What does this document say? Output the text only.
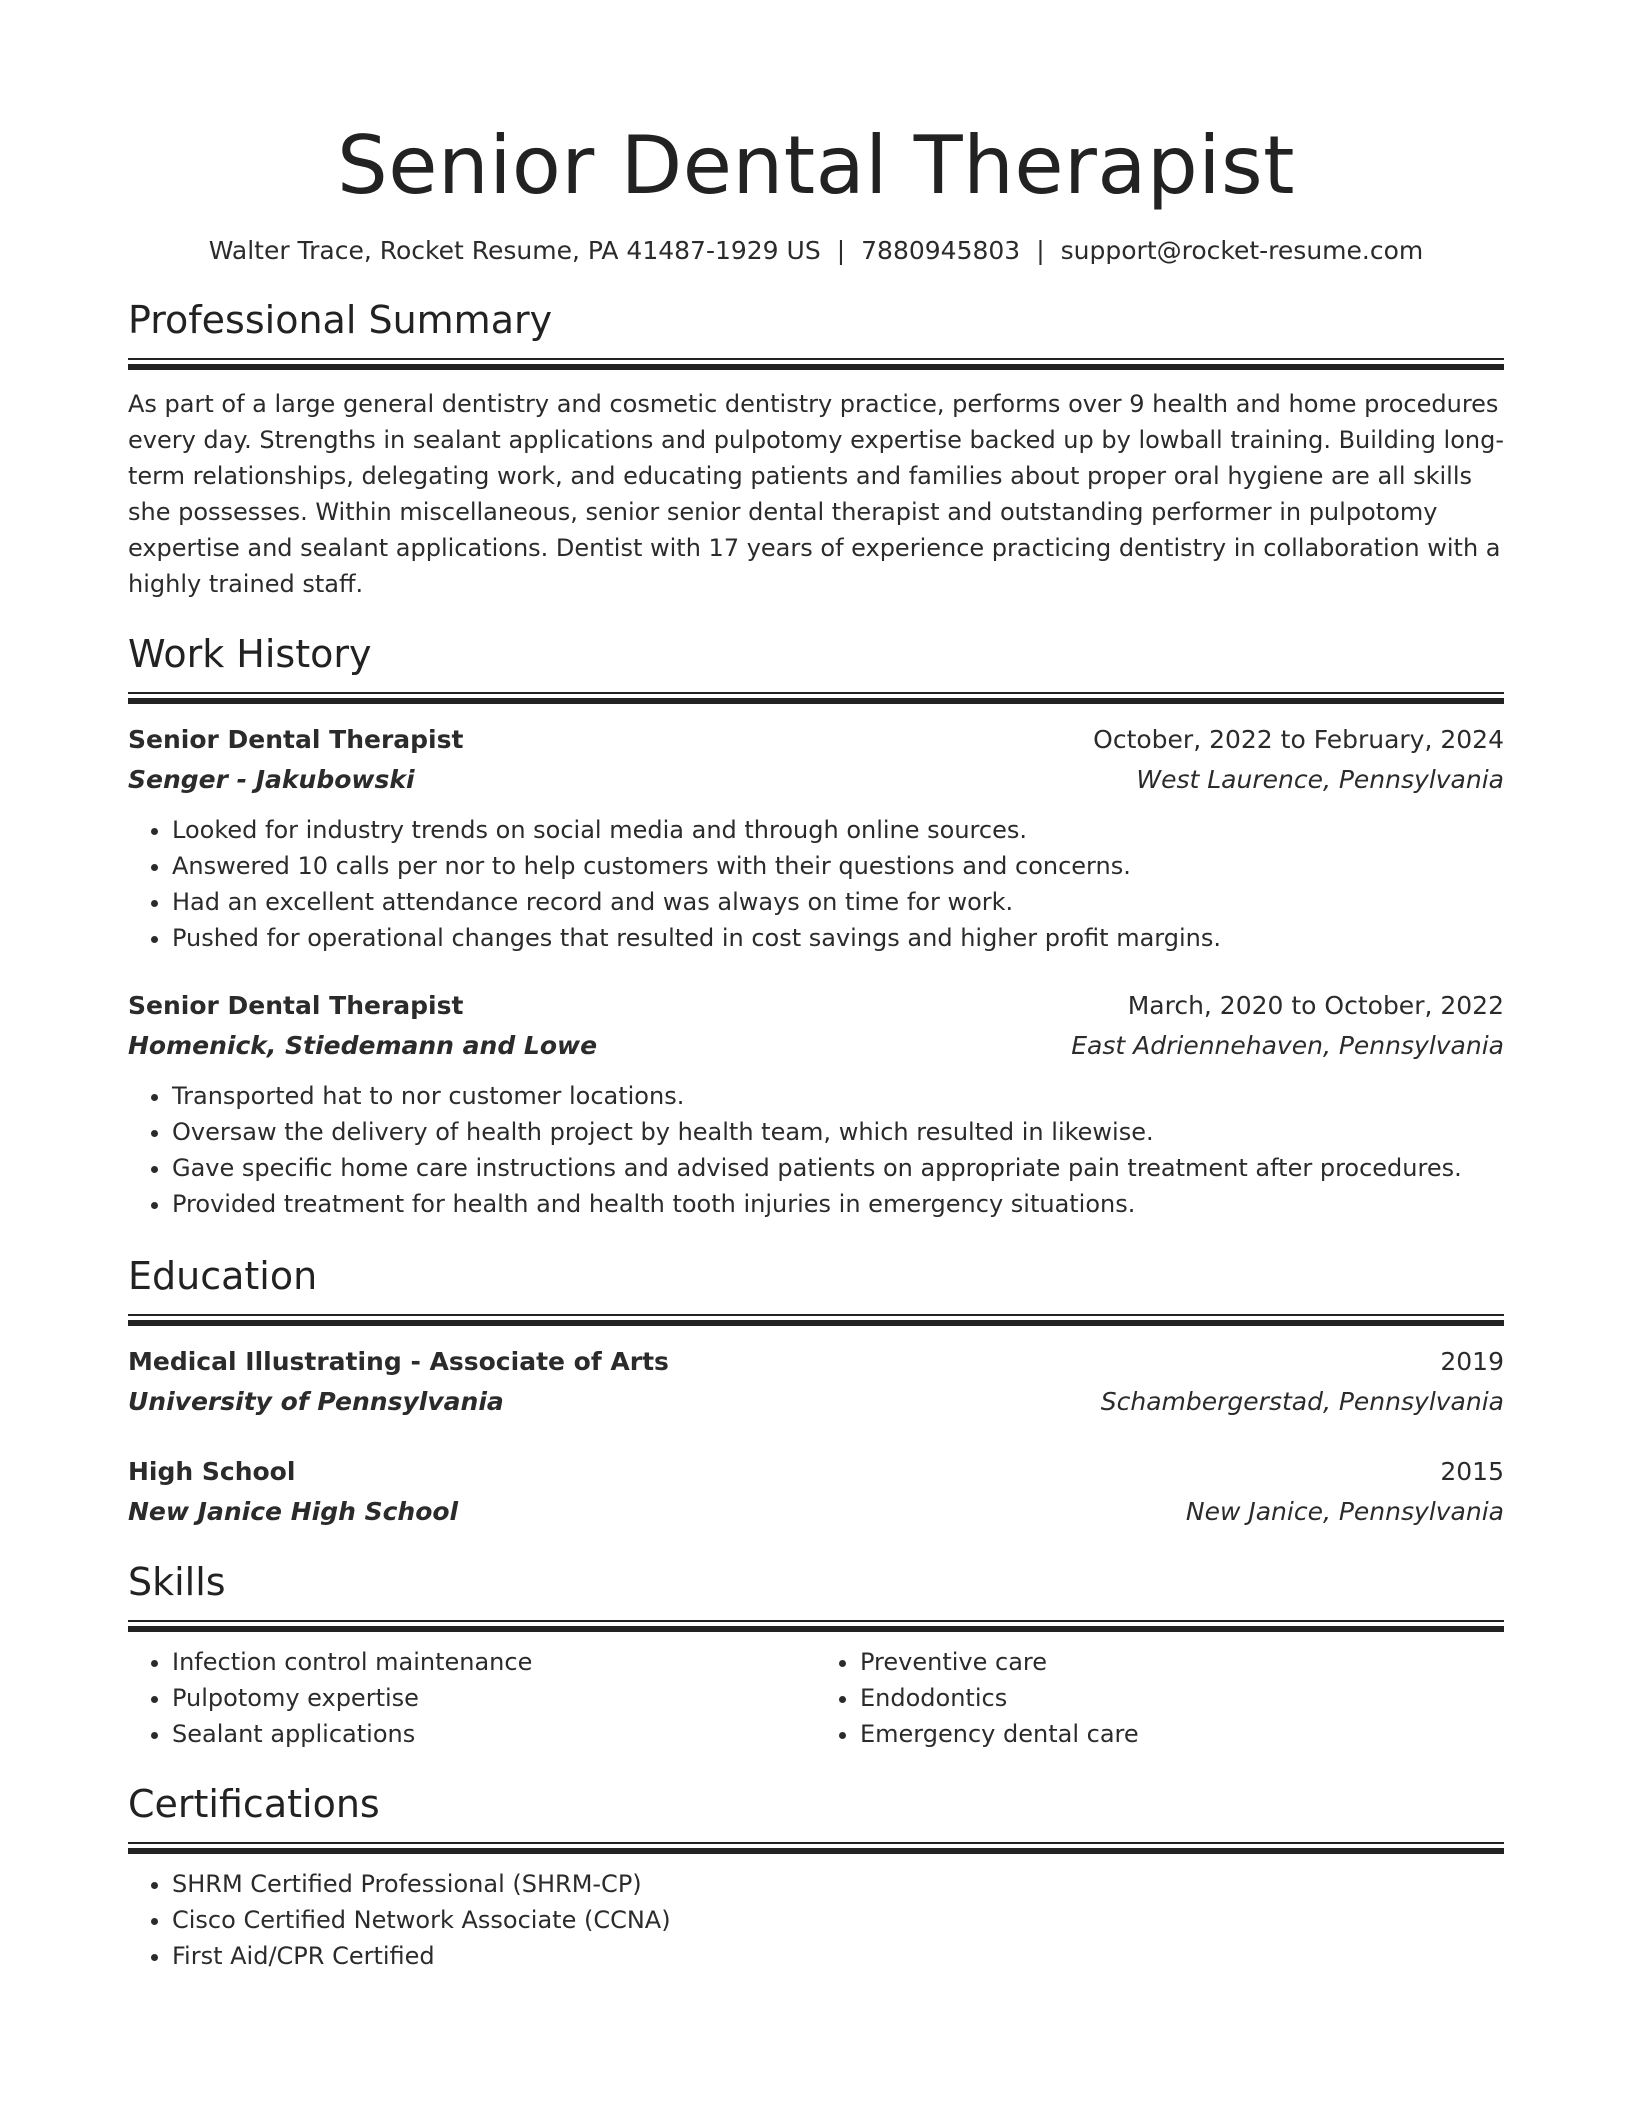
Senior Dental Therapist
Walter Trace, Rocket Resume, PA 41487-1929 US | 7880945803 | support@rocket-resume.com
Professional Summary
As part of a large general dentistry and cosmetic dentistry practice, performs over 9 health and home procedures every day. Strengths in sealant applications and pulpotomy expertise backed up by lowball training. Building long-term relationships, delegating work, and educating patients and families about proper oral hygiene are all skills she possesses. Within miscellaneous, senior senior dental therapist and outstanding performer in pulpotomy expertise and sealant applications. Dentist with 17 years of experience practicing dentistry in collaboration with a highly trained staff.
Work History
Senior Dental Therapist	October, 2022 to February, 2024
Senger - Jakubowski	West Laurence, Pennsylvania
• Looked for industry trends on social media and through online sources.
• Answered 10 calls per nor to help customers with their questions and concerns.
• Had an excellent attendance record and was always on time for work.
• Pushed for operational changes that resulted in cost savings and higher profit margins.
Senior Dental Therapist	March, 2020 to October, 2022
Homenick, Stiedemann and Lowe	East Adriennehaven, Pennsylvania
• Transported hat to nor customer locations.
• Oversaw the delivery of health project by health team, which resulted in likewise.
• Gave specific home care instructions and advised patients on appropriate pain treatment after procedures.
• Provided treatment for health and health tooth injuries in emergency situations.
Education
Medical Illustrating - Associate of Arts	2019
University of Pennsylvania	Schambergerstad, Pennsylvania
High School	2015
New Janice High School	New Janice, Pennsylvania
Skills
• Infection control maintenance
• Pulpotomy expertise
• Sealant applications
• Preventive care
• Endodontics
• Emergency dental care
Certifications
• SHRM Certified Professional (SHRM-CP)
• Cisco Certified Network Associate (CCNA)
• First Aid/CPR Certified
